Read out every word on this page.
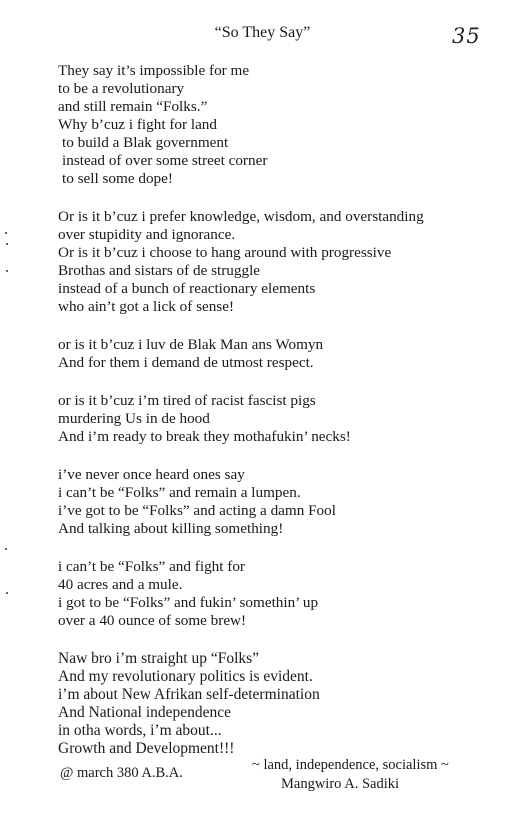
“So They Say”	35
They say it’s impossible for me
to be a revolutionary
and still remain “Folks.”
Why b’cuz i fight for land
to build a Blak government
instead of over some street corner
to sell some dope!
Or is it b’cuz i prefer knowledge, wisdom, and overstanding
over stupidity and ignorance.
Or is it b’cuz i choose to hang around with progressive
Brothas and sistars of de struggle
instead of a bunch of reactionary elements
who ain’t got a lick of sense!
or is it b’cuz i luv de Blak Man ans Womyn
And for them i demand de utmost respect.
or is it b’cuz i’m tired of racist fascist pigs
murdering Us in de hood
And i’m ready to break they mothafukin’ necks!
i’ve never once heard ones say
i can’t be “Folks” and remain a lumpen.
i’ve got to be “Folks” and acting a damn Fool
And talking about killing something!
i can’t be “Folks” and fight for
40 acres and a mule.
i got to be “Folks” and fukin’ somethin’ up
over a 40 ounce of some brew!
Naw bro i’m straight up “Folks”
And my revolutionary politics is evident.
i’m about New Afrikan self-determination
And National independence
in otha words, i’m about...
Growth and Development!!!
@ march 380 A.B.A.	~ land, independence, socialism ~
Mangwiro A. Sadiki
